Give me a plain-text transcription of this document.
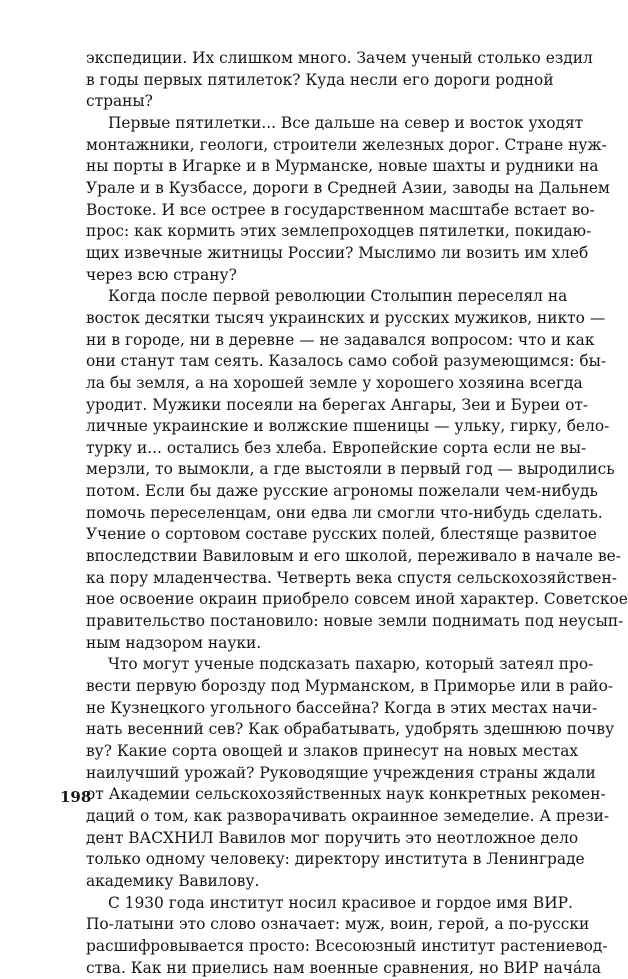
экспедиции. Их слишком много. Зачем ученый столько ездил
в годы первых пятилеток? Куда несли его дороги родной
страны?
Первые пятилетки... Все дальше на север и восток уходят
монтажники, геологи, строители железных дорог. Стране нуж-
ны порты в Игарке и в Мурманске, новые шахты и рудники на
Урале и в Кузбассе, дороги в Средней Азии, заводы на Дальнем
Востоке. И все острее в государственном масштабе встает во-
прос: как кормить этих землепроходцев пятилетки, покидаю-
щих извечные житницы России? Мыслимо ли возить им хлеб
через всю страну?
Когда после первой революции Столыпин переселял на
восток десятки тысяч украинских и русских мужиков, никто —
ни в городе, ни в деревне — не задавался вопросом: что и как
они станут там сеять. Казалось само собой разумеющимся: бы-
ла бы земля, а на хорошей земле у хорошего хозяина всегда
уродит. Мужики посеяли на берегах Ангары, Зеи и Буреи от-
личные украинские и волжские пшеницы — ульку, гирку, бело-
турку и... остались без хлеба. Европейские сорта если не вы-
мерзли, то вымокли, а где выстояли в первый год — выродились
потом. Если бы даже русские агрономы пожелали чем-нибудь
помочь переселенцам, они едва ли смогли что-нибудь сделать.
Учение о сортовом составе русских полей, блестяще развитое
впоследствии Вавиловым и его школой, переживало в начале ве-
ка пору младенчества. Четверть века спустя сельскохозяйствен-
ное освоение окраин приобрело совсем иной характер. Советское
правительство постановило: новые земли поднимать под неусып-
ным надзором науки.
Что могут ученые подсказать пахарю, который затеял про-
вести первую борозду под Мурманском, в Приморье или в райо-
не Кузнецкого угольного бассейна? Когда в этих местах начи-
нать весенний сев? Как обрабатывать, удобрять здешнюю почву
ву? Какие сорта овощей и злаков принесут на новых местах
наилучший урожай? Руководящие учреждения страны ждали
от Академии сельскохозяйственных наук конкретных рекомен-
даций о том, как разворачивать окраинное земеделие. А прези-
дент ВАСХНИЛ Вавилов мог поручить это неотложное дело
только одному человеку: директору института в Ленинграде
академику Вавилову.
С 1930 года институт носил красивое и гордое имя ВИР.
По-латыни это слово означает: муж, воин, герой, а по-русски
расшифровывается просто: Всесоюзный институт растениевод-
ства. Как ни приелись нам военные сравнения, но ВИР начáла
198
